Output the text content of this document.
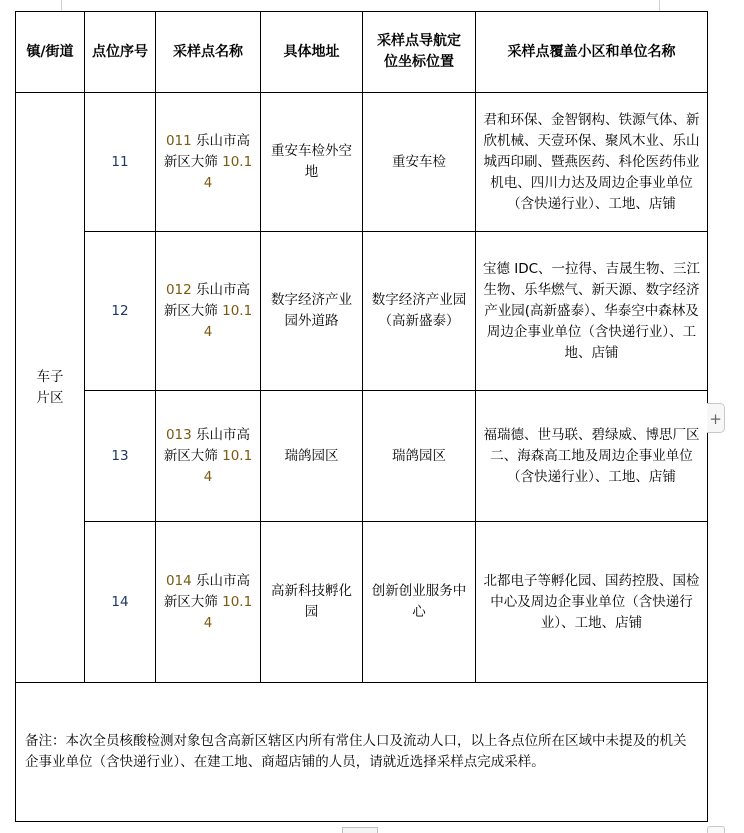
镇/街道	点位序号	采样点名称	具体地址	采样点导航定位坐标位置	采样点覆盖小区和单位名称
车子片区	11	011 乐山市高新区大筛 10.14	重安车检外空地	重安车检	君和环保、金智钢构、铁源气体、新欣机械、天壹环保、聚风木业、乐山城西印刷、暨燕医药、科伦医药伟业机电、四川力达及周边企事业单位（含快递行业）、工地、店铺
	12	012 乐山市高新区大筛 10.14	数字经济产业园外道路	数字经济产业园（高新盛泰）	宝德 IDC、一拉得、吉晟生物、三江生物、乐华燃气、新天源、数字经济产业园(高新盛泰）、华泰空中森林及周边企事业单位（含快递行业）、工地、店铺
	13	013 乐山市高新区大筛 10.14	瑞鸽园区	瑞鸽园区	福瑞德、世马联、碧绿威、博思厂区二、海森高工地及周边企事业单位（含快递行业）、工地、店铺
	14	014 乐山市高新区大筛 10.14	高新科技孵化园	创新创业服务中心	北都电子等孵化园、国药控股、国检中心及周边企事业单位（含快递行业）、工地、店铺

备注：本次全员核酸检测对象包含高新区辖区内所有常住人口及流动人口，以上各点位所在区域中未提及的机关企事业单位（含快递行业）、在建工地、商超店铺的人员，请就近选择采样点完成采样。					
+
